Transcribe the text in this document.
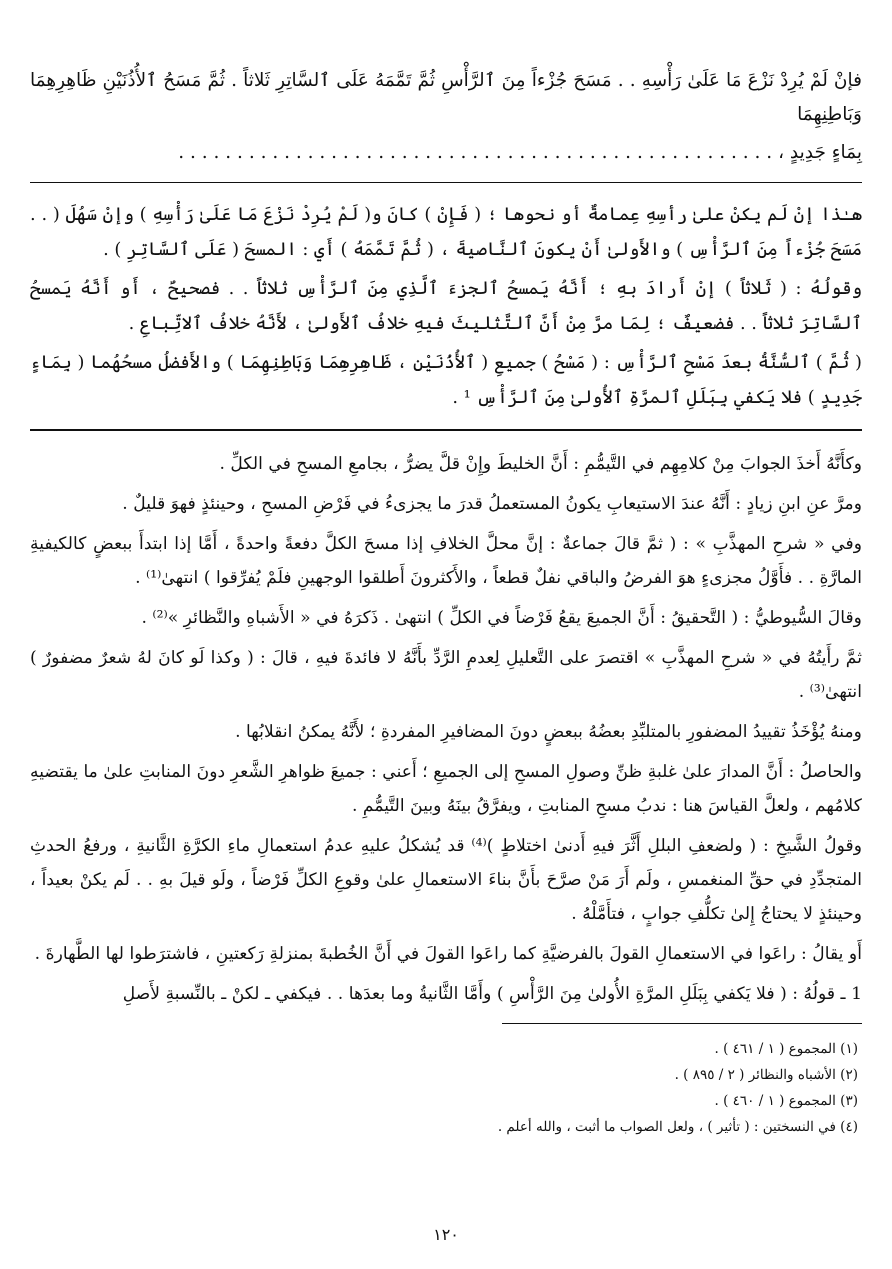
فإنْ لَمْ يُرِدْ نَزْعَ مَا عَلَىٰ رَأْسِهِ . . مَسَحَ جُزْءاً مِنَ ٱلرَّأْسِ ثُمَّ تَمَّمَهُ عَلَى ٱلسَّاتِرِ ثَلاثاً . ثُمَّ مَسَحُ ٱلأُذُنَيْنِ ظَاهِرِهِمَا وَبَاطِنِهِمَا

بِمَاءٍ جَدِيدٍ ، . . . . . . . . . . . . . . . . . . . . . . . . . . . . . . . . . . . . . . . . . . . . . . . . . . .

هـٰذا إنْ لَم يكنْ علىٰ رأسِهِ عِمامةٌ أو نحوها ؛ ( فَإِنْ ) كانَ و( لَمْ يُرِدْ نَزْعَ مَا عَلَىٰ رَأْسِهِ ) وإنْ سَهُلَ ( . . مَسَحَ جُزْءاً مِنَ ٱلرَّأْسِ ) والأَولىٰ أَنْ يكونَ ٱلنَّاصيةَ ، ( ثُمَّ تَمَّمَهُ ) أَي : المسحَ ( عَلَى ٱلسَّاتِرِ ) .

وقولُهُ : ( ثَلاثاً ) إنْ أَرادَ بهِ ؛ أَنَّهُ يَمسحُ ٱلجزءَ ٱلَّذِي مِنَ ٱلرَّأْسِ ثلاثاً . . فصحيحٌ ، أَو أَنَّهُ يَمسحُ ٱلسَّاتِرَ ثلاثاً . . فضعيفٌ ؛ لِمَا مرَّ مِنْ أَنَّ ٱلتَّثليثَ فيهِ خلافُ ٱلأَولىٰ ، لأَنَّهُ خلافُ ٱلاتِّباعِ .

( ثُمَّ ) ٱلسُّنَّةُ بعدَ مَسْحِ ٱلرَّأْسِ : ( مَسْحُ ) جميعِ ( ٱلأُذُنَيْنِ ، ظَاهِرِهِمَا وَبَاطِنِهِمَا ) والأَفضلُ مسحُهُما ( بِمَاءٍ جَدِيدٍ ) فلا يَكفي بِبَلَلِ ٱلمرَّةِ ٱلأُولىٰ مِنَ ٱلرَّأْسِ ¹ .

وكأَنَّهُ أَخذَ الجوابَ مِنْ كلامِهِم في التَّيمُّمِ : أَنَّ الخليطَ وإِنْ قلَّ يضرُّ ، بجامعِ المسحِ في الكلِّ .

ومرَّ عنِ ابنِ زيادٍ : أَنَّهُ عندَ الاستيعابِ يكونُ المستعملُ قدرَ ما يجزىءُ في فَرْضِ المسحِ ، وحينئذٍ فهوَ قليلٌ .

وفي « شرحِ المهذَّبِ » : ( ثمَّ قالَ جماعةٌ : إنَّ محلَّ الخلافِ إذا مسحَ الكلَّ دفعةً واحدةً ، أَمَّا إذا ابتدأَ ببعضٍ كالكيفيةِ المارَّةِ . . فأَوَّلُ مجزىءٍ هوَ الفرضُ والباقي نفلٌ قطعاً ، والأَكثرونَ أَطلقوا الوجهينِ فلَمْ يُفرِّقوا ) انتهىٰ⁽¹⁾ .

وقالَ السُّيوطيُّ : ( التَّحقيقُ : أَنَّ الجميعَ يقعُ فَرْضاً في الكلِّ ) انتهىٰ . ذَكرَهُ في « الأَشباهِ والنَّظائرِ »⁽²⁾ .

ثمَّ رأَيتُهُ في « شرحِ المهذَّبِ » اقتصرَ على التَّعليلِ لِعدمِ الرَّدِّ بأَنَّهُ لا فائدةَ فيهِ ، قالَ : ( وكذا لَو كانَ لهُ شعرٌ مضفورٌ ) انتهىٰ⁽³⁾ .

ومنهُ يُؤْخَذُ تقييدُ المضفورِ بالمتلبِّدِ بعضُهُ ببعضٍ دونَ المضافيرِ المفردةِ ؛ لأَنَّهُ يمكنُ انقلابُها .

والحاصلُ : أَنَّ المدارَ علىٰ غلبةِ ظنِّ وصولِ المسحِ إلى الجميعِ ؛ أَعني : جميعَ ظواهرِ الشَّعرِ دونَ المنابتِ علىٰ ما يقتضيهِ كلامُهم ، ولعلَّ القياسَ هنا : ندبُ مسحِ المنابتِ ، ويفرَّقُ بينَهُ وبينَ التَّيمُّمِ .

وقولُ الشَّيخِ : ( ولضعفِ البللِ أَثَّرَ فيهِ أَدنىٰ اختلاطٍ )⁽⁴⁾ قد يُشكلُ عليهِ عدمُ استعمالِ ماءِ الكرَّةِ الثَّانيةِ ، ورفعُ الحدثِ المتجدِّدِ في حقِّ المنغمسِ ، ولَم أَرَ مَنْ صرَّحَ بأَنَّ بناءَ الاستعمالِ علىٰ وقوعِ الكلِّ فَرْضاً ، ولَو قيلَ بهِ . . لَم يكنْ بعيداً ، وحينئذٍ لا يحتاجُ إِلىٰ تكلُّفِ جوابٍ ، فتأَمَّلْهُ .

أَو يقالُ : راعَوا في الاستعمالِ القولَ بالفرضيَّةِ كما راعَوا القولَ في أَنَّ الخُطبةَ بمنزلةِ رَكعتينِ ، فاشترَطوا لها الطَّهارةَ .

1 ـ قولُهُ : ( فلا يَكفي بِبَلَلِ المرَّةِ الأُولىٰ مِنَ الرَّأْسِ ) وأَمَّا الثَّانيةُ وما بعدَها . . فيكفي ـ لكنْ ـ بالنِّسبةِ لأَصلِ

(١) المجموع ( ١ / ٤٦١ ) .

(٢) الأشباه والنظائر ( ٢ / ٨٩٥ ) .

(٣) المجموع ( ١ / ٤٦٠ ) .

(٤) في النسختين : ( تأثير ) ، ولعل الصواب ما أثبت ، والله أعلم .

١٢٠
